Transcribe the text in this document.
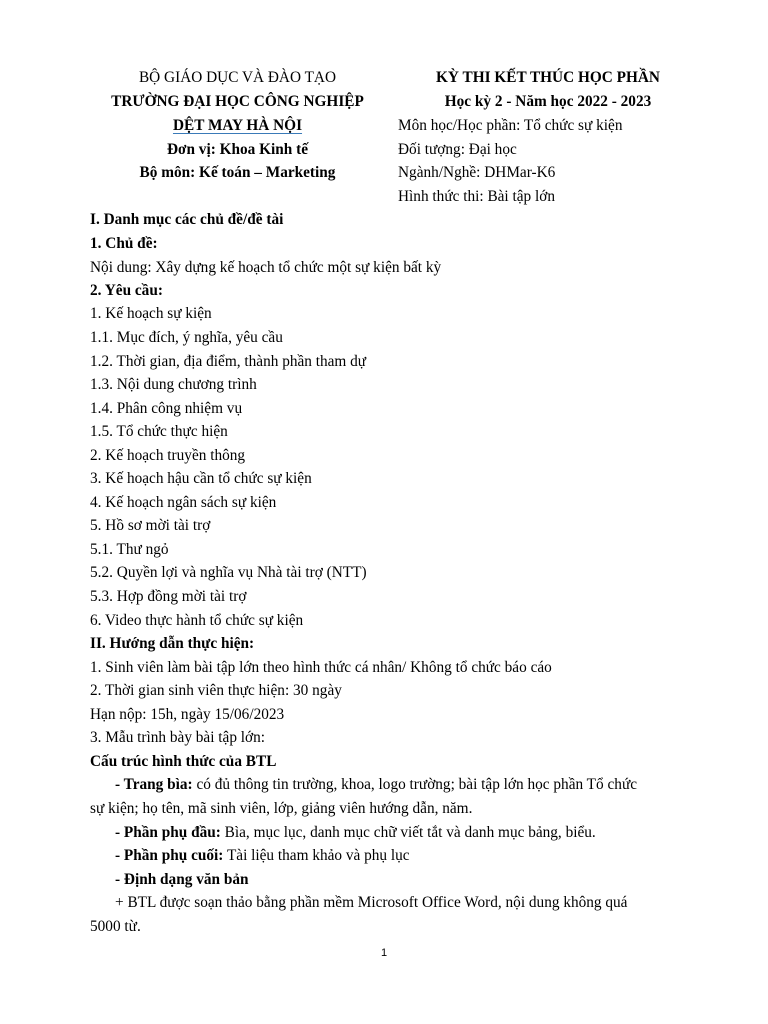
BỘ GIÁO DỤC VÀ ĐÀO TẠO
TRƯỜNG ĐẠI HỌC CÔNG NGHIỆP
DỆT MAY HÀ NỘI
Đơn vị: Khoa Kinh tế
Bộ môn: Kế toán – Marketing
KỲ THI KẾT THÚC HỌC PHẦN
Học kỳ 2 - Năm học 2022 - 2023
Môn học/Học phần: Tổ chức sự kiện
Đối tượng: Đại học
Ngành/Nghề: DHMar-K6
Hình thức thi: Bài tập lớn
I. Danh mục các chủ đề/đề tài
1. Chủ đề:
Nội dung: Xây dựng kế hoạch tổ chức một sự kiện bất kỳ
2. Yêu cầu:
1. Kế hoạch sự kiện
1.1. Mục đích, ý nghĩa, yêu cầu
1.2. Thời gian, địa điểm, thành phần tham dự
1.3. Nội dung chương trình
1.4. Phân công nhiệm vụ
1.5. Tổ chức thực hiện
2. Kế hoạch truyền thông
3. Kế hoạch hậu cần tổ chức sự kiện
4. Kế hoạch ngân sách sự kiện
5. Hồ sơ mời tài trợ
5.1. Thư ngỏ
5.2. Quyền lợi và nghĩa vụ Nhà tài trợ (NTT)
5.3. Hợp đồng mời tài trợ
6. Video thực hành tổ chức sự kiện
II. Hướng dẫn thực hiện:
1. Sinh viên làm bài tập lớn theo hình thức cá nhân/ Không tổ chức báo cáo
2. Thời gian sinh viên thực hiện: 30 ngày
Hạn nộp: 15h, ngày 15/06/2023
3. Mẫu trình bày bài tập lớn:
Cấu trúc hình thức của BTL
- Trang bìa: có đủ thông tin trường, khoa, logo trường; bài tập lớn học phần Tổ chức
sự kiện; họ tên, mã sinh viên, lớp, giảng viên hướng dẫn, năm.
- Phần phụ đầu: Bìa, mục lục, danh mục chữ viết tắt và danh mục bảng, biểu.
- Phần phụ cuối: Tài liệu tham khảo và phụ lục
- Định dạng văn bản
+ BTL được soạn thảo bằng phần mềm Microsoft Office Word, nội dung không quá
5000 từ.
1
